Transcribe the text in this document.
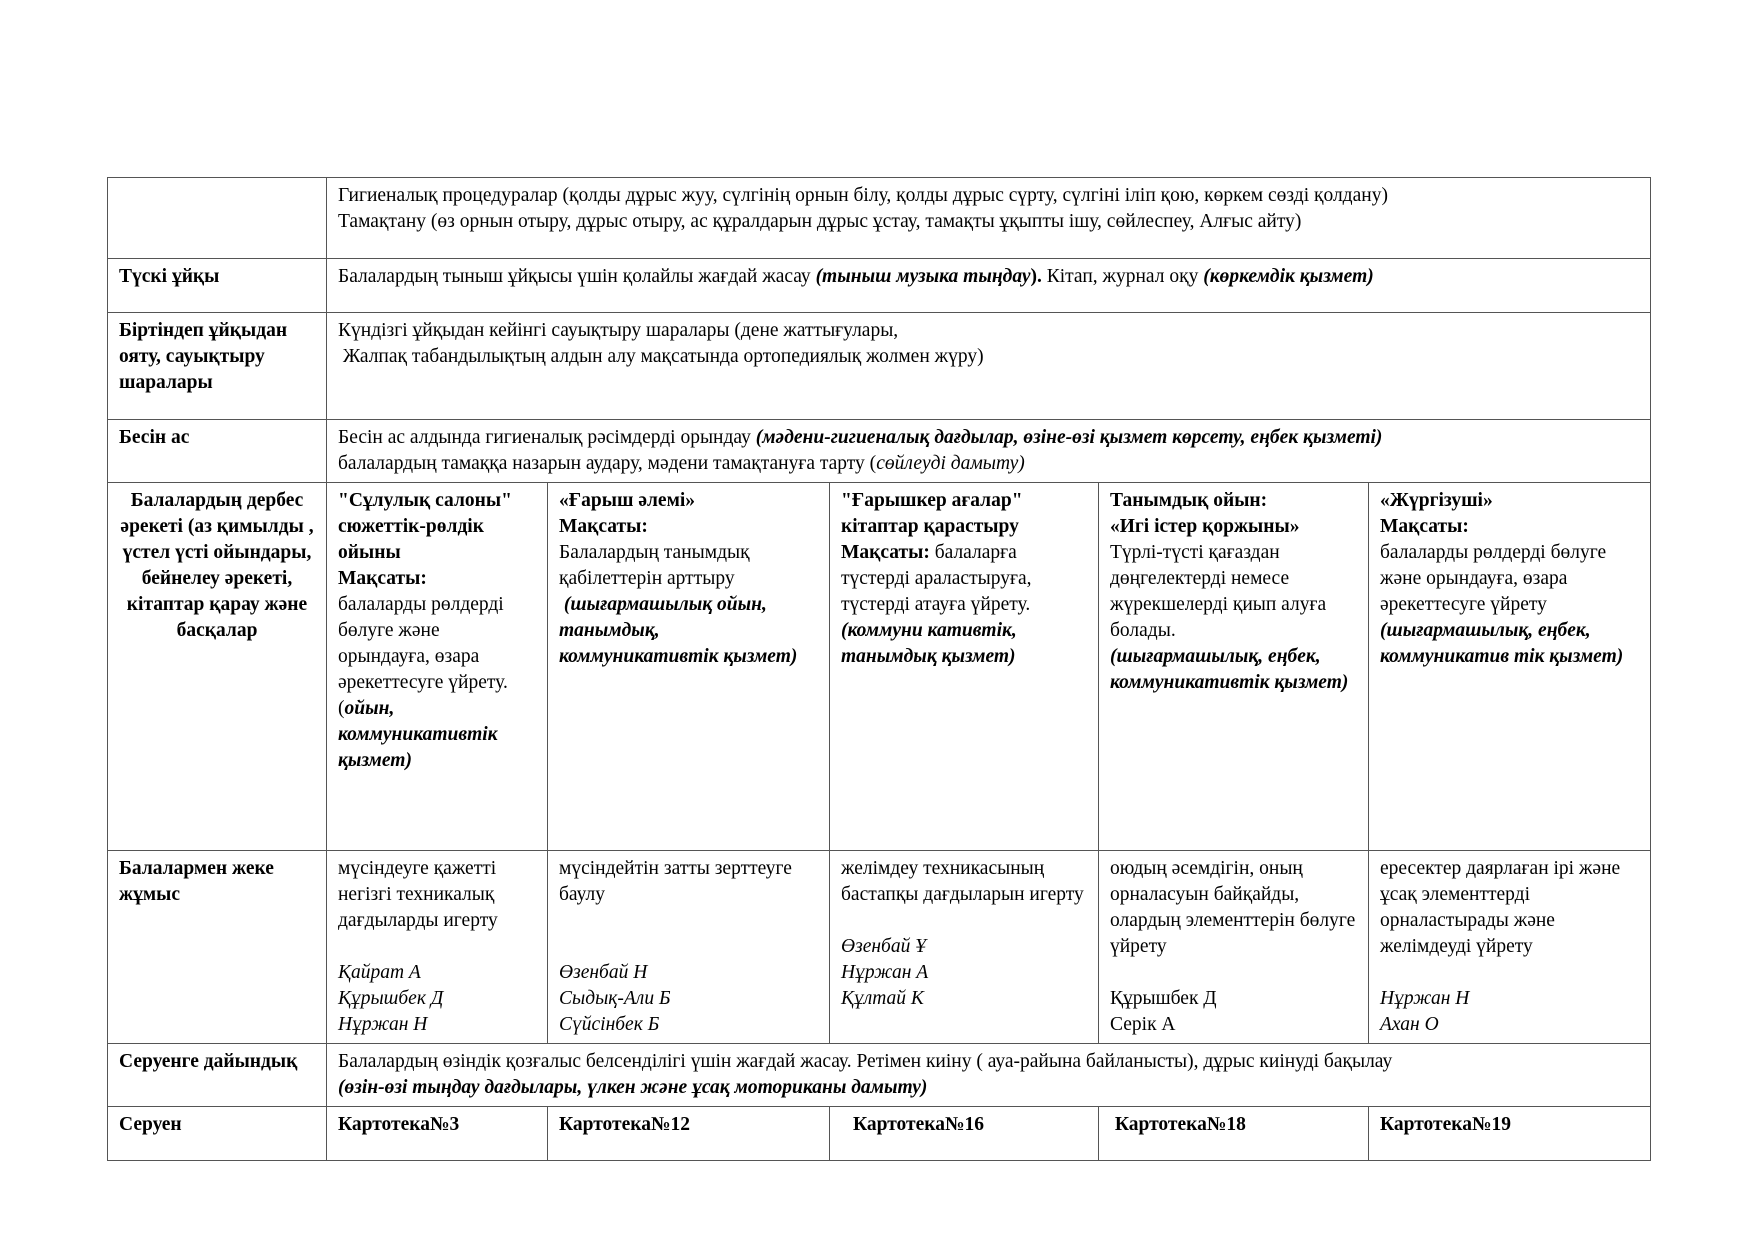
	Гигиеналық процедуралар (қолды дұрыс жуу, сүлгінің орнын білу, қолды дұрыс сүрту, сүлгіні іліп қою, көркем сөзді қолдану)
Тамақтану (өз орнын отыру, дұрыс отыру, ас құралдарын дұрыс ұстау, тамақты ұқыпты ішу, сөйлеспеу, Алғыс айту)				

Түскі ұйқы	Балалардың тыныш ұйқысы үшін қолайлы жағдай жасау (тыныш музыка тыңдау). Кітап, журнал оқу (көркемдік қызмет)				
Біртіндеп ұйқыдан ояту, сауықтыру шаралары	Күндізгі ұйқыдан кейінгі сауықтыру шаралары (дене жаттығулары,
Жалпақ табандылықтың алдын алу мақсатында ортопедиялық жолмен жүру)				

Бесін ас	Бесін ас алдында гигиеналық рәсімдерді орындау (мәдени-гигиеналық дағдылар, өзіне-өзі қызмет көрсету, еңбек қызметі)
балалардың тамаққа назарын аудару, мәдени тамақтануға тарту (сөйлеуді дамыту)				

Балалардың дербес әрекеті (аз қимылды , үстел үсті ойындары, бейнелеу әрекеті, кітаптар қарау және басқалар	"Сұлулық салоны" сюжеттік-рөлдік ойыны
Мақсаты:
балаларды рөлдерді бөлуге және орындауға, өзара әрекеттесуге үйрету.
(ойын, коммуникативтік қызмет)	«Ғарыш әлемі»
Мақсаты:
Балалардың танымдық қабілеттерін арттыру
(шығармашылық ойын, танымдық, коммуникативтік қызмет)	"Ғарышкер ағалар" кітаптар қарастыру
Мақсаты: балаларға түстерді араластыруға, түстерді атауға үйрету.
(коммуни кативтік, танымдық қызмет)	Танымдық ойын:
«Игі істер қоржыны»
Түрлі-түсті қағаздан дөңгелектерді немесе жүрекшелерді қиып алуға болады.
(шығармашылық, еңбек, коммуникативтік қызмет)	«Жүргізуші»
Мақсаты:
балаларды рөлдерді бөлуге және орындауға, өзара әрекеттесуге үйрету
(шығармашылық, еңбек, коммуникатив тік қызмет)

Балалармен жеке жұмыс	мүсіндеуге қажетті негізгі техникалық дағдыларды игерту
Қайрат А
Құрышбек Д
Нұржан Н	мүсіндейтін затты зерттеуге баулу
Өзенбай Н
Сыдық-Али Б
Сүйсінбек Б	желімдеу техникасының бастапқы дағдыларын игерту
Өзенбай Ұ
Нұржан А
Құлтай К	оюдың әсемдігін, оның орналасуын байқайды, олардың элементтерін бөлуге үйрету
Құрышбек Д
Серік А	ересектер даярлаған ірі және ұсақ элементтерді орналастырады және желімдеуді үйрету
Нұржан Н
Ахан О

Серуенге дайындық	Балалардың өзіндік қозғалыс белсенділігі үшін жағдай жасау. Ретімен киіну ( ауа-райына байланысты), дұрыс киінуді бақылау
(өзін-өзі тыңдау дағдылары, үлкен және ұсақ моториканы дамыту)				

Серуен	Картотека№3	Картотека№12	Картотека№16	Картотека№18	Картотека№19
